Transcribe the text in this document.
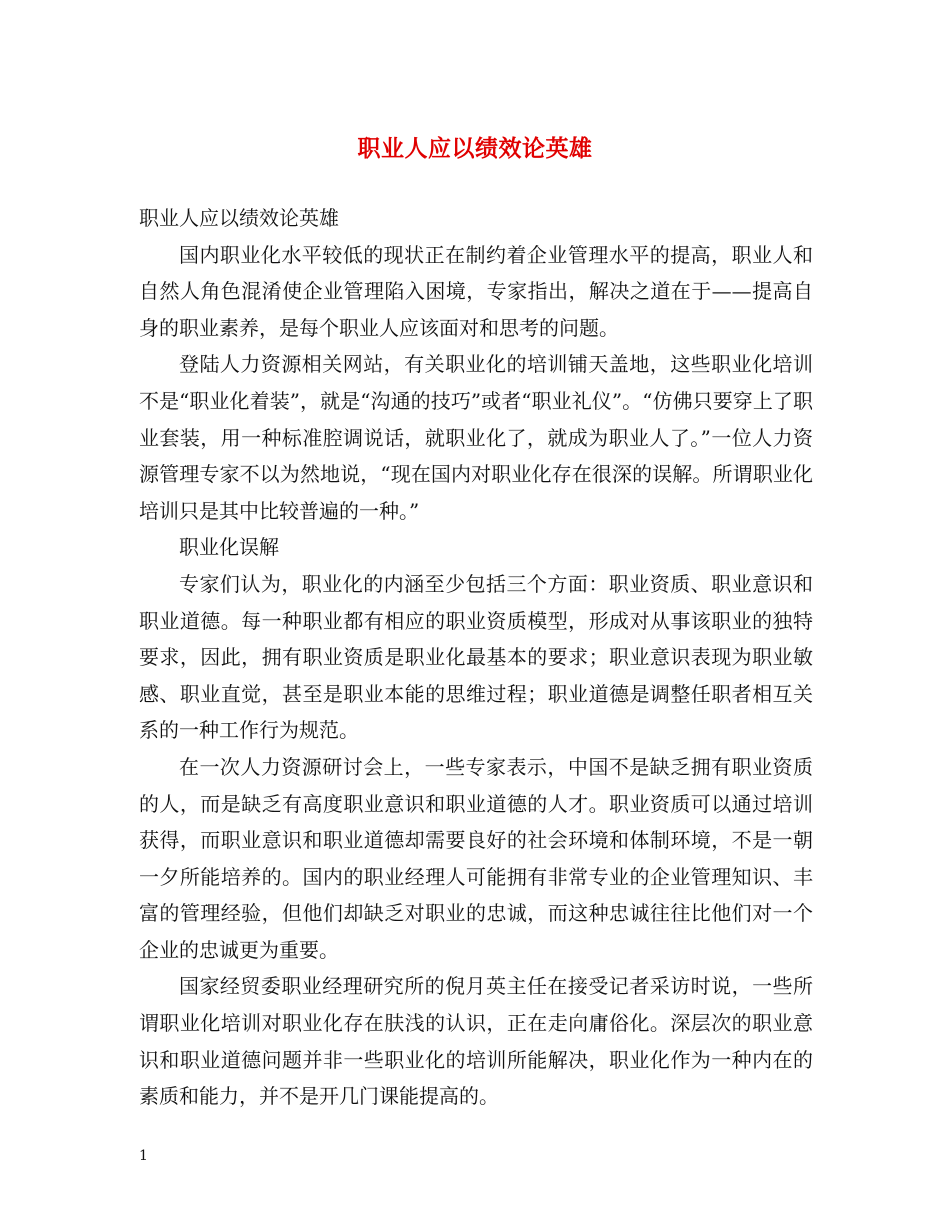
职业人应以绩效论英雄

职业人应以绩效论英雄

国内职业化水平较低的现状正在制约着企业管理水平的提高，职业人和自然人角色混淆使企业管理陷入困境，专家指出，解决之道在于——提高自身的职业素养，是每个职业人应该面对和思考的问题。

登陆人力资源相关网站，有关职业化的培训铺天盖地，这些职业化培训不是“职业化着装”，就是“沟通的技巧”或者“职业礼仪”。“仿佛只要穿上了职业套装，用一种标准腔调说话，就职业化了，就成为职业人了。”一位人力资源管理专家不以为然地说，“现在国内对职业化存在很深的误解。所谓职业化培训只是其中比较普遍的一种。”

职业化误解

专家们认为，职业化的内涵至少包括三个方面：职业资质、职业意识和职业道德。每一种职业都有相应的职业资质模型，形成对从事该职业的独特要求，因此，拥有职业资质是职业化最基本的要求；职业意识表现为职业敏感、职业直觉，甚至是职业本能的思维过程；职业道德是调整任职者相互关系的一种工作行为规范。

在一次人力资源研讨会上，一些专家表示，中国不是缺乏拥有职业资质的人，而是缺乏有高度职业意识和职业道德的人才。职业资质可以通过培训获得，而职业意识和职业道德却需要良好的社会环境和体制环境，不是一朝一夕所能培养的。国内的职业经理人可能拥有非常专业的企业管理知识、丰富的管理经验，但他们却缺乏对职业的忠诚，而这种忠诚往往比他们对一个企业的忠诚更为重要。

国家经贸委职业经理研究所的倪月英主任在接受记者采访时说，一些所谓职业化培训对职业化存在肤浅的认识，正在走向庸俗化。深层次的职业意识和职业道德问题并非一些职业化的培训所能解决，职业化作为一种内在的素质和能力，并不是开几门课能提高的。

1
